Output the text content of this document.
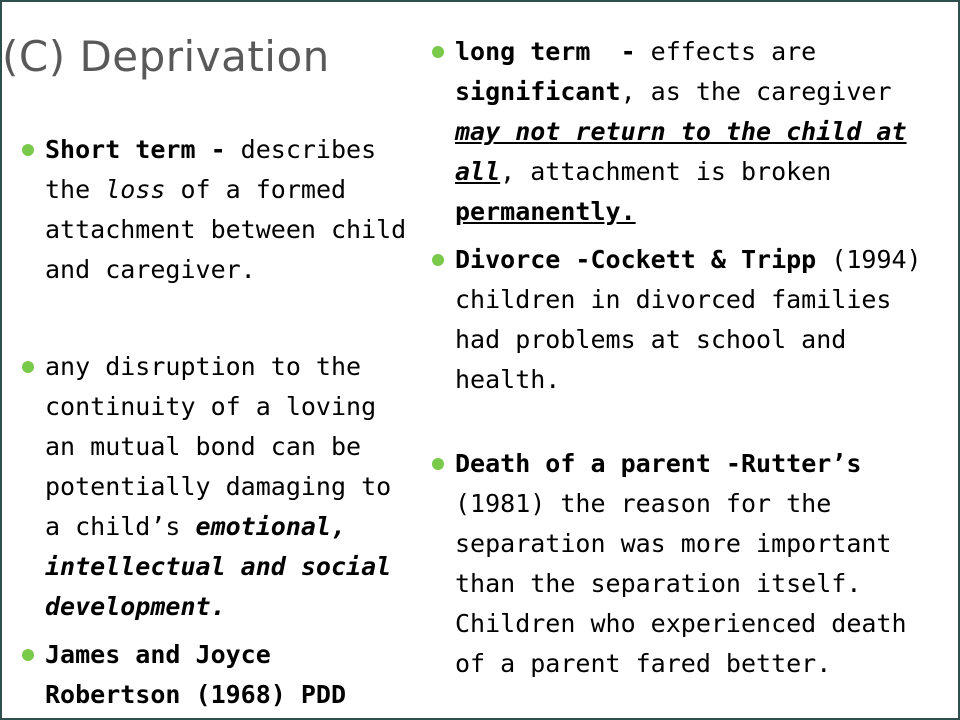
(C) Deprivation
Short term - describes the loss of a formed attachment between child and caregiver.
any disruption to the continuity of a loving an mutual bond can be potentially damaging to a child’s emotional, intellectual and social development.
James and Joyce Robertson (1968) PDD
long term  - effects are significant, as the caregiver may not return to the child at all, attachment is broken permanently.
Divorce -Cockett & Tripp (1994) children in divorced families had problems at school and health.
Death of a parent -Rutter’s (1981) the reason for the separation was more important than the separation itself. Children who experienced death of a parent fared better.
